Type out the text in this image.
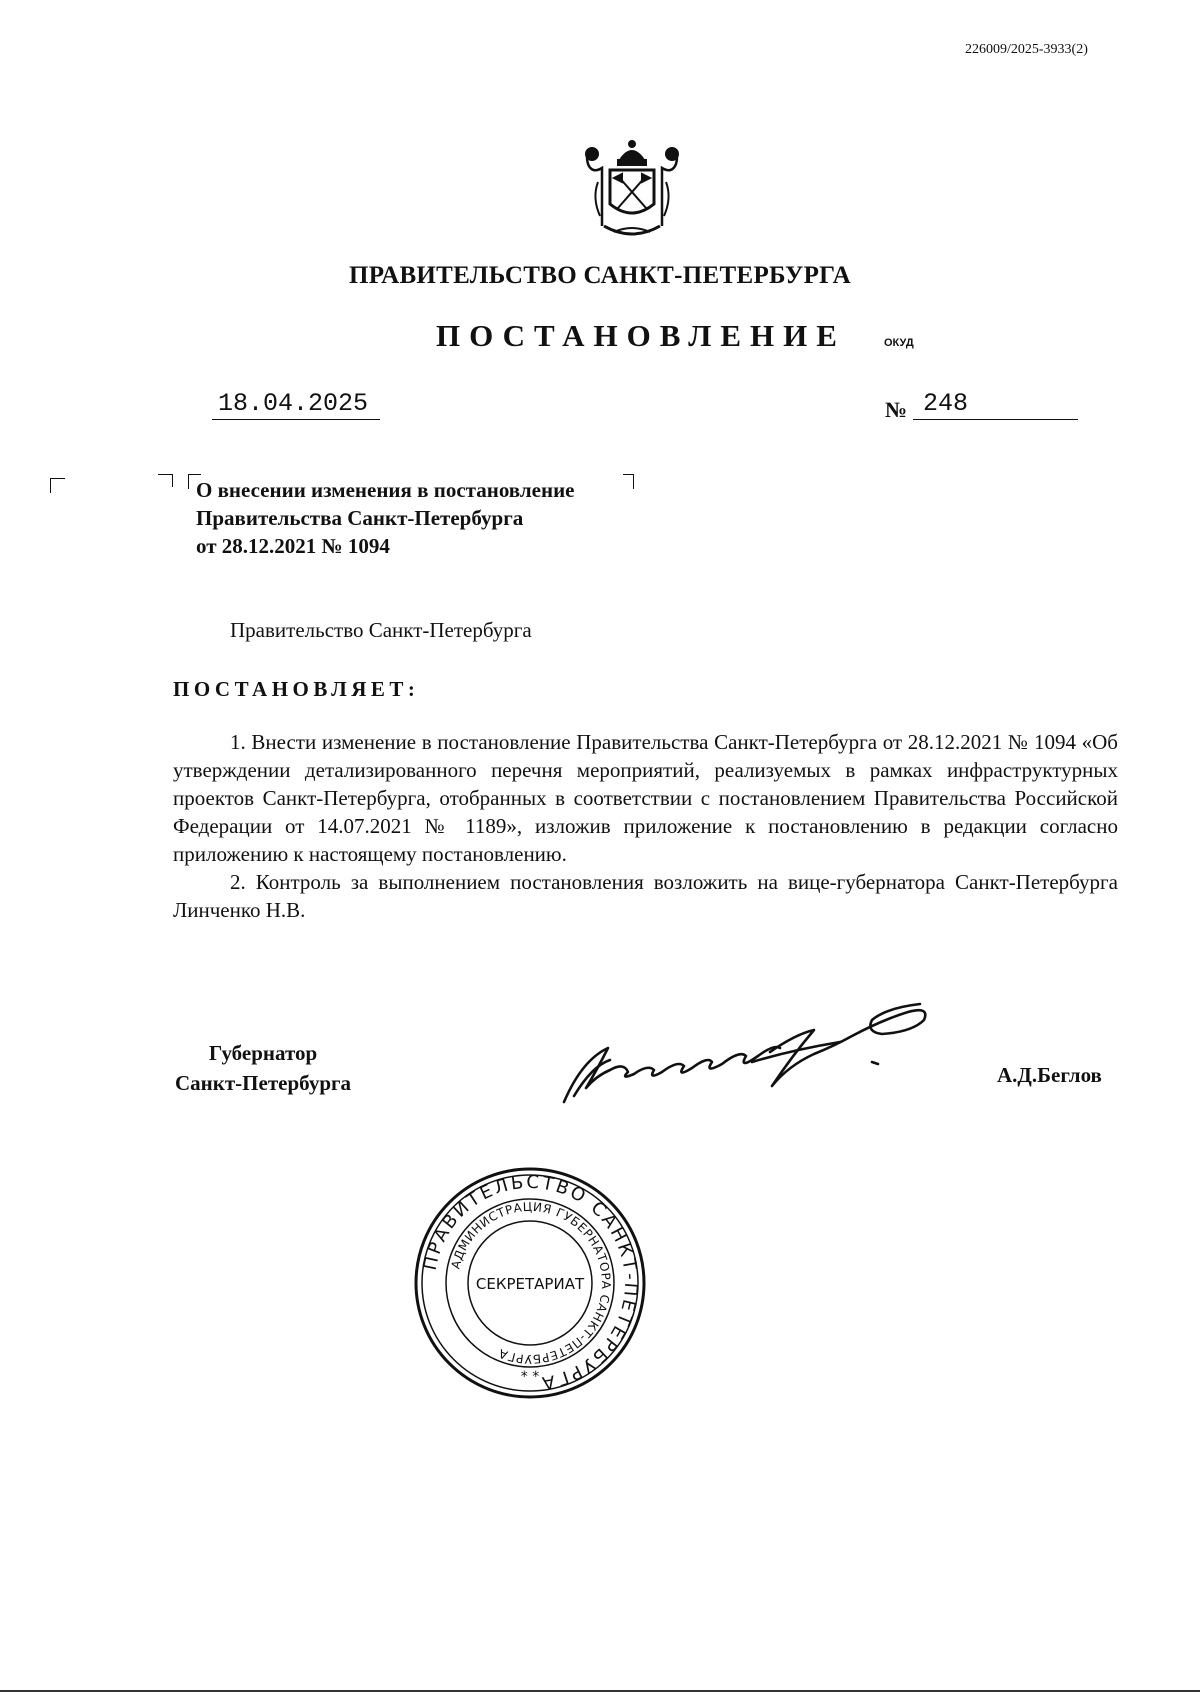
226009/2025-3933(2)
ПРАВИТЕЛЬСТВО САНКТ-ПЕТЕРБУРГА
ПОСТАНОВЛЕНИЕ	ОКУД
18.04.2025	№ 248
О внесении изменения в постановление
Правительства Санкт-Петербурга
от 28.12.2021 № 1094
Правительство Санкт-Петербурга
ПОСТАНОВЛЯЕТ:

1. Внести изменение в постановление Правительства Санкт-Петербурга от 28.12.2021 № 1094 «Об утверждении детализированного перечня мероприятий, реализуемых в рамках инфраструктурных проектов Санкт-Петербурга, отобранных в соответствии с постановлением Правительства Российской Федерации от 14.07.2021 № 1189», изложив приложение к постановлению в редакции согласно приложению к настоящему постановлению.

2. Контроль за выполнением постановления возложить на вице-губернатора Санкт-Петербурга Линченко Н.В.

Губернатор
Санкт-Петербурга	А.Д.Беглов
ПРАВИТЕЛЬСТВО САНКТ-ПЕТЕРБУРГА
АДМИНИСТРАЦИЯ ГУБЕРНАТОРА САНКТ-ПЕТЕРБУРГА
СЕКРЕТАРИАТ
* *
